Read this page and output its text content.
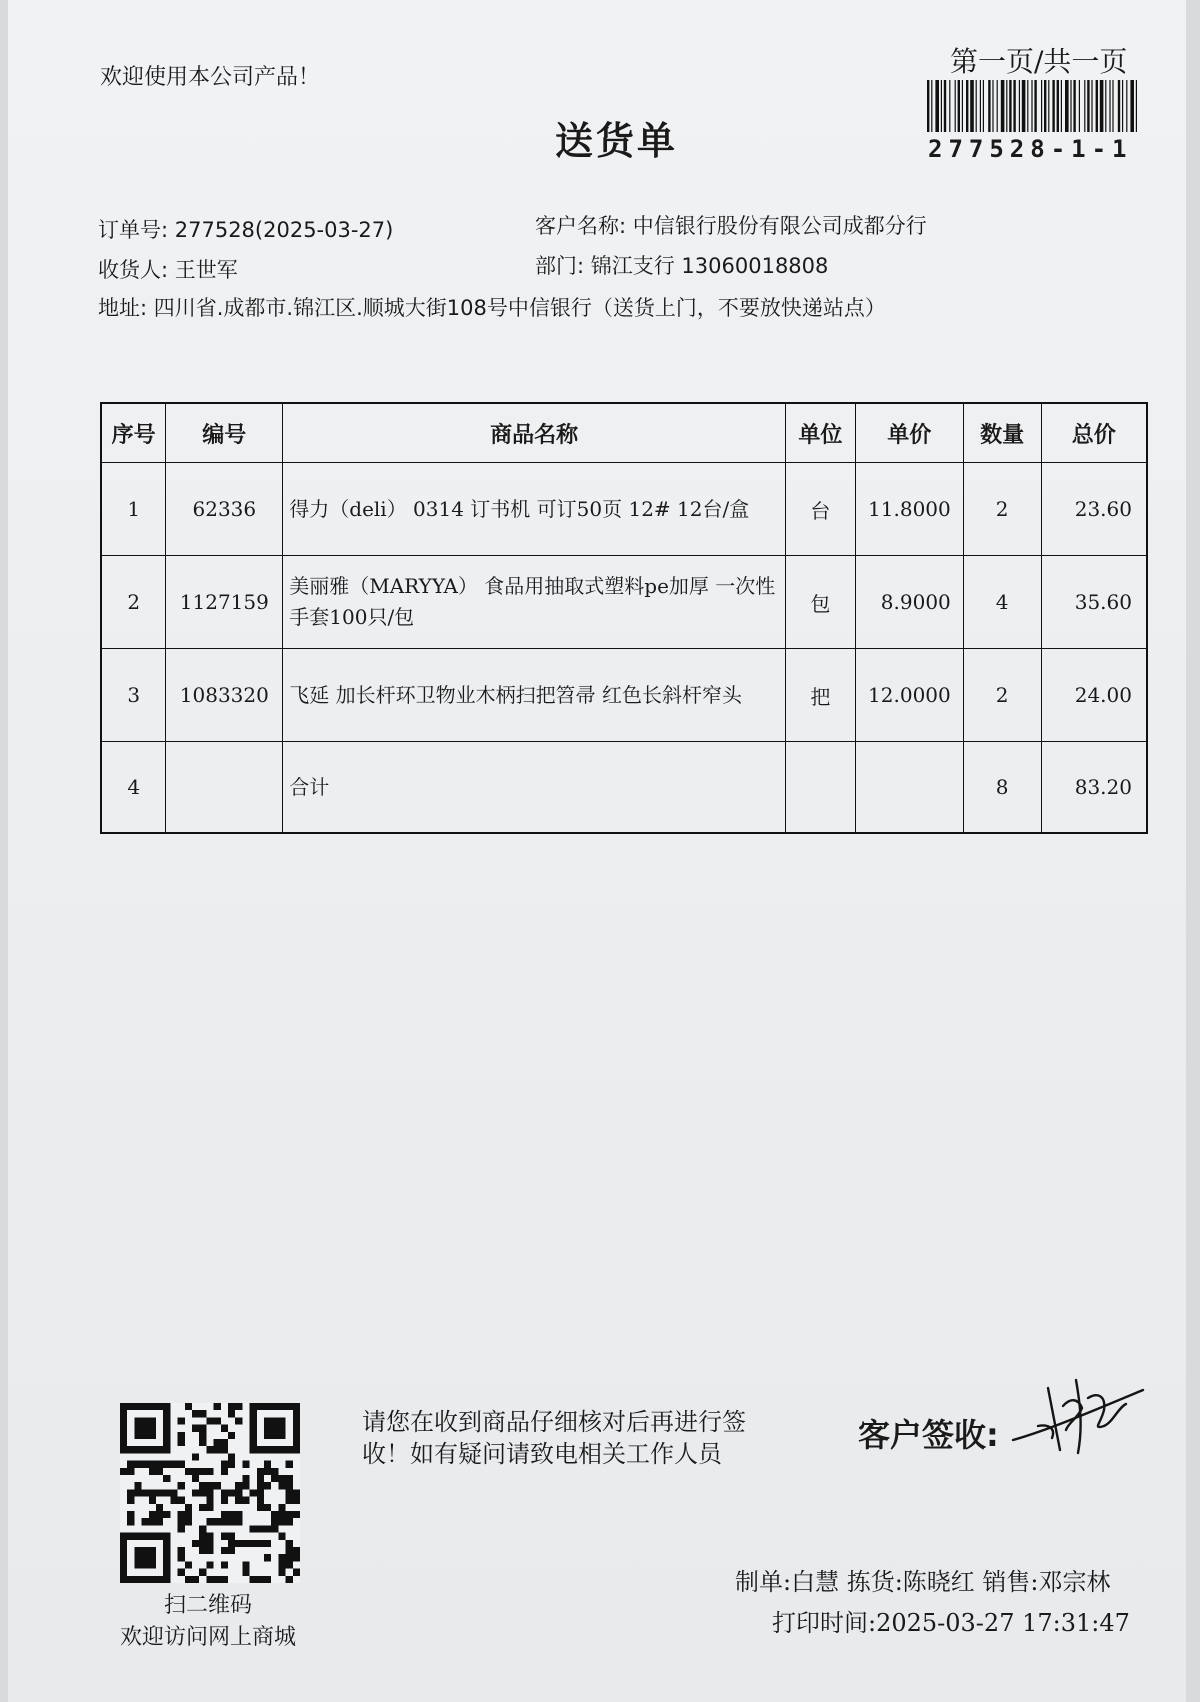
欢迎使用本公司产品！
送货单
第一页/共一页
277528-1-1
订单号: 277528(2025-03-27)	客户名称: 中信银行股份有限公司成都分行
收货人: 王世军	部门: 锦江支行 13060018808
地址: 四川省.成都市.锦江区.顺城大街108号中信银行（送货上门，不要放快递站点）
序号	编号	商品名称	单位	单价	数量	总价
1	62336	得力（deli） 0314 订书机 可订50页 12# 12台/盒	台	11.8000	2	23.60
2	1127159	美丽雅（MARYYA） 食品用抽取式塑料pe加厚 一次性手套100只/包	包	8.9000	4	35.60
3	1083320	飞延 加长杆环卫物业木柄扫把笤帚 红色长斜杆窄头	把	12.0000	2	24.00
4		合计			8	83.20
扫二维码
欢迎访问网上商城
请您在收到商品仔细核对后再进行签收！如有疑问请致电相关工作人员	客户签收:
制单:白慧 拣货:陈晓红 销售:邓宗林
打印时间:2025-03-27 17:31:47
